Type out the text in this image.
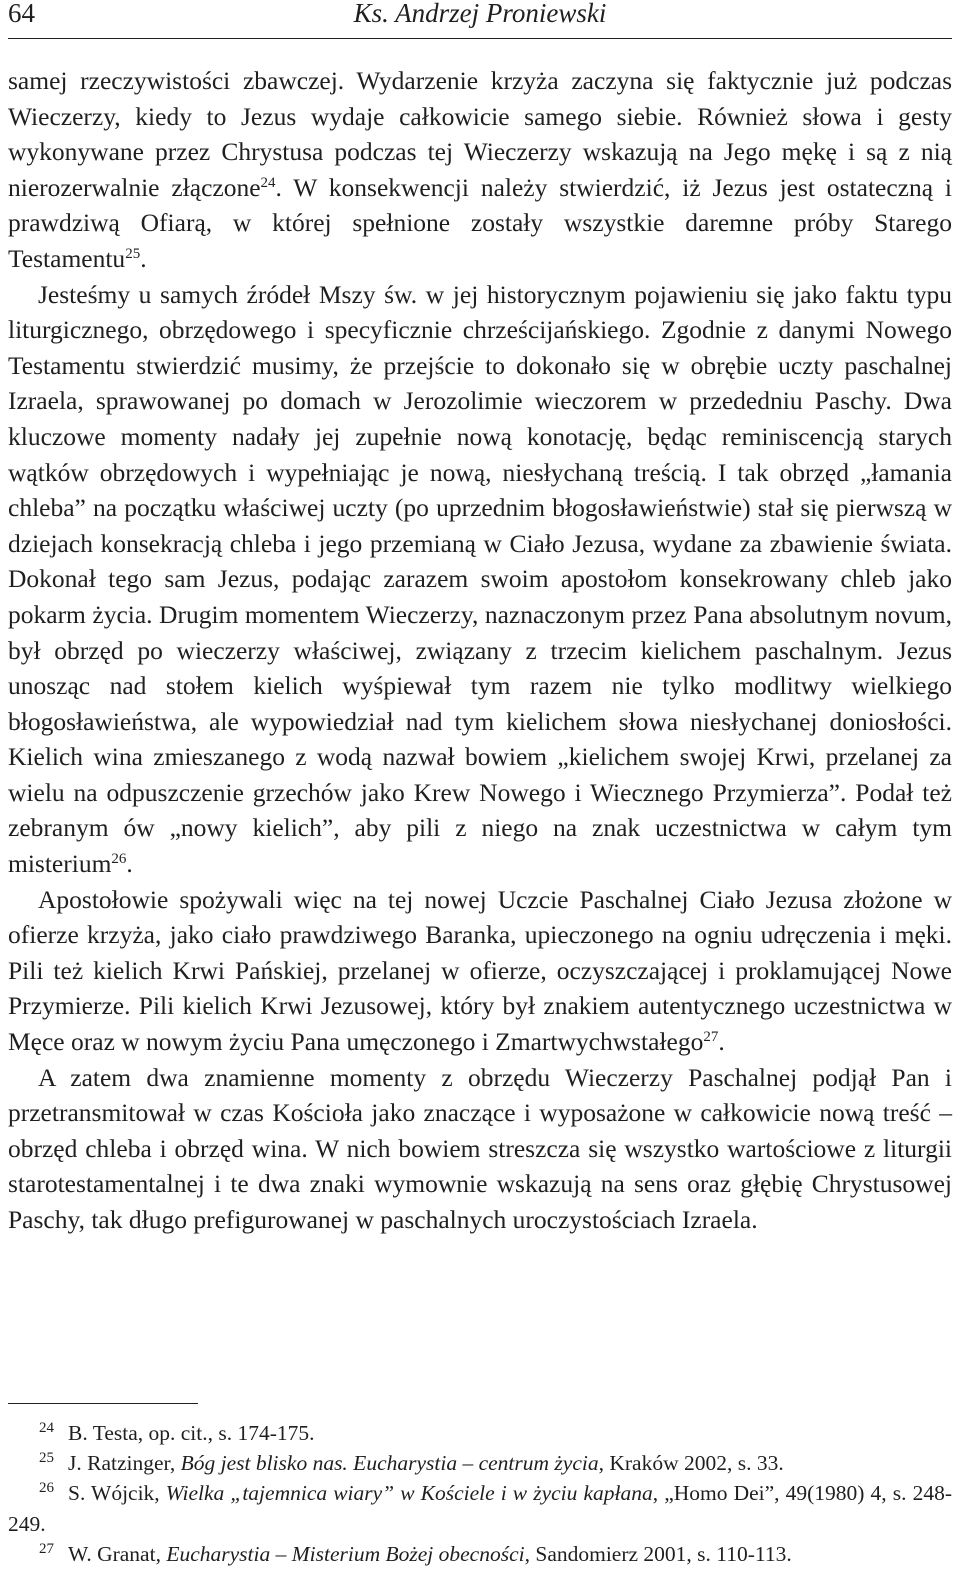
64	Ks. Andrzej Proniewski

samej rzeczywistości zbawczej. Wydarzenie krzyża zaczyna się faktycznie już podczas Wieczerzy, kiedy to Jezus wydaje całkowicie samego siebie. Również słowa i gesty wykonywane przez Chrystusa podczas tej Wieczerzy wskazują na Jego mękę i są z nią nierozerwalnie złączone$^{24}$. W konsekwencji należy stwierdzić, iż Jezus jest ostateczną i prawdziwą Ofiarą, w której spełnione zostały wszystkie daremne próby Starego Testamentu$^{25}$.

Jesteśmy u samych źródeł Mszy św. w jej historycznym pojawieniu się jako faktu typu liturgicznego, obrzędowego i specyficznie chrześcijańskiego. Zgodnie z danymi Nowego Testamentu stwierdzić musimy, że przejście to dokonało się w obrębie uczty paschalnej Izraela, sprawowanej po domach w Jerozolimie wieczorem w przededniu Paschy. Dwa kluczowe momenty nadały jej zupełnie nową konotację, będąc reminiscencją starych wątków obrzędowych i wypełniając je nową, niesłychaną treścią. I tak obrzęd „łamania chleba” na początku właściwej uczty (po uprzednim błogosławieństwie) stał się pierwszą w dziejach konsekracją chleba i jego przemianą w Ciało Jezusa, wydane za zbawienie świata. Dokonał tego sam Jezus, podając zarazem swoim apostołom konsekrowany chleb jako pokarm życia. Drugim momentem Wieczerzy, naznaczonym przez Pana absolutnym novum, był obrzęd po wieczerzy właściwej, związany z trzecim kielichem paschalnym. Jezus unosząc nad stołem kielich wyśpiewał tym razem nie tylko modlitwy wielkiego błogosławieństwa, ale wypowiedział nad tym kielichem słowa niesłychanej doniosłości. Kielich wina zmieszanego z wodą nazwał bowiem „kielichem swojej Krwi, przelanej za wielu na odpuszczenie grzechów jako Krew Nowego i Wiecznego Przymierza”. Podał też zebranym ów „nowy kielich”, aby pili z niego na znak uczestnictwa w całym tym misterium$^{26}$.

Apostołowie spożywali więc na tej nowej Uczcie Paschalnej Ciało Jezusa złożone w ofierze krzyża, jako ciało prawdziwego Baranka, upieczonego na ogniu udręczenia i męki. Pili też kielich Krwi Pańskiej, przelanej w ofierze, oczyszczającej i proklamującej Nowe Przymierze. Pili kielich Krwi Jezusowej, który był znakiem autentycznego uczestnictwa w Męce oraz w nowym życiu Pana umęczonego i Zmartwychwstałego$^{27}$.

A zatem dwa znamienne momenty z obrzędu Wieczerzy Paschalnej podjął Pan i przetransmitował w czas Kościoła jako znaczące i wyposażone w całkowicie nową treść – obrzęd chleba i obrzęd wina. W nich bowiem streszcza się wszystko wartościowe z liturgii starotestamentalnej i te dwa znaki wymownie wskazują na sens oraz głębię Chrystusowej Paschy, tak długo prefigurowanej w paschalnych uroczystościach Izraela.

24 B. Testa, op. cit., s. 174-175.

25 J. Ratzinger, Bóg jest blisko nas. Eucharystia – centrum życia, Kraków 2002, s. 33.

26 S. Wójcik, Wielka „tajemnica wiary” w Kościele i w życiu kapłana, „Homo Dei”, 49(1980) 4, s. 248-249.

27 W. Granat, Eucharystia – Misterium Bożej obecności, Sandomierz 2001, s. 110-113.
